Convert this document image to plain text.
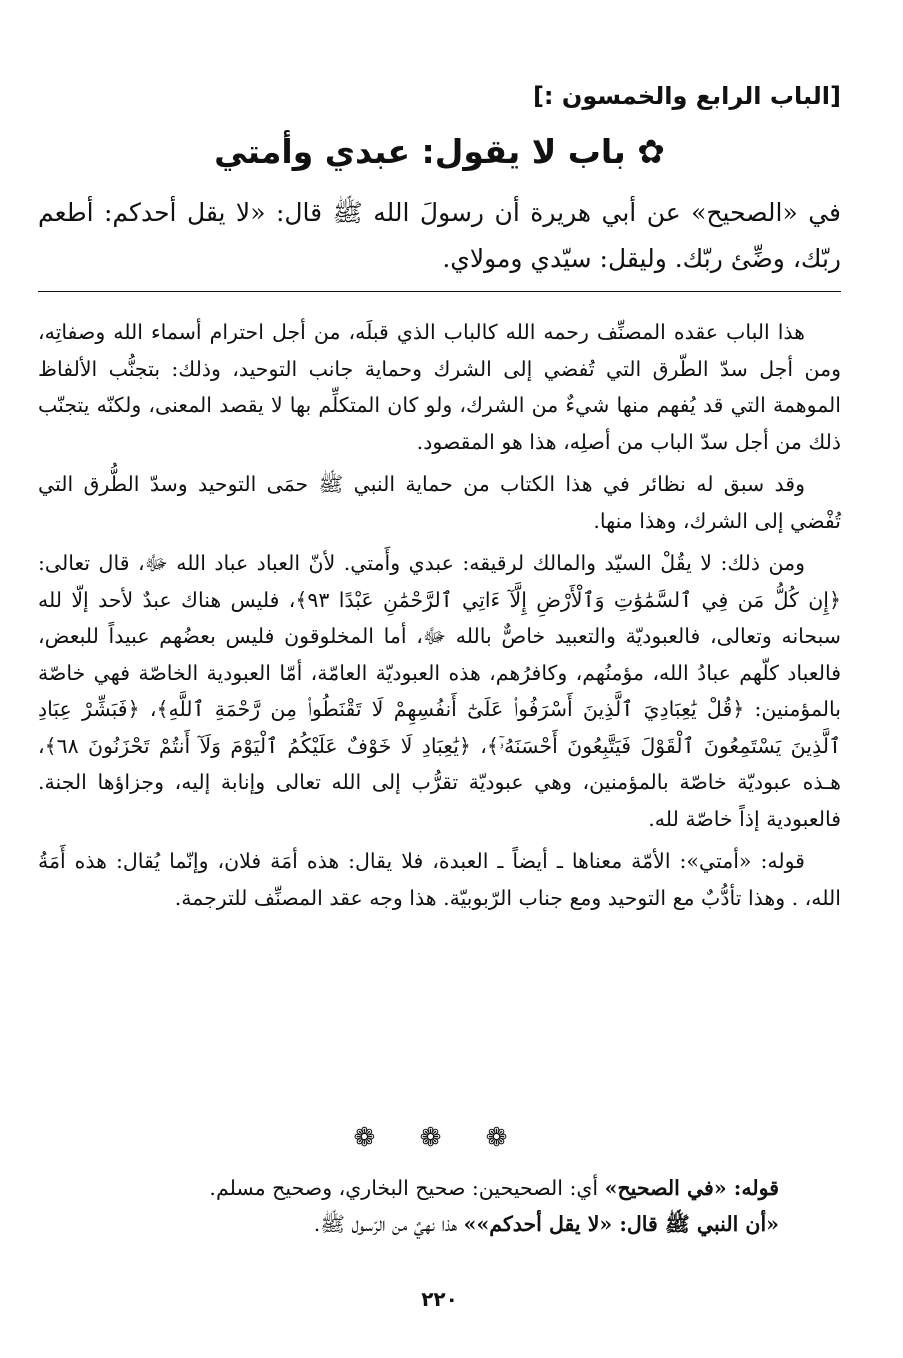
[الباب الرابع والخمسون :]
✿ باب لا يقول: عبدي وأمتي
في «الصحيح» عن أبي هريرة أن رسولَ الله ﷺ قال: «لا يقل أحدكم: أطعم ربّك، وضِّئ ربّك. وليقل: سيّدي ومولاي.

هذا الباب عقده المصنِّف رحمه الله كالباب الذي قبلَه، من أجل احترام أسماء الله وصفاتِه، ومن أجل سدّ الطّرق التي تُفضي إلى الشرك وحماية جانب التوحيد، وذلك: بتجنُّب الألفاظ الموهمة التي قد يُفهم منها شيءٌ من الشرك، ولو كان المتكلِّم بها لا يقصد المعنى، ولكنّه يتجنّب ذلك من أجل سدّ الباب من أصلِه، هذا هو المقصود.

وقد سبق له نظائر في هذا الكتاب من حماية النبي ﷺ حمَى التوحيد وسدّ الطُّرق التي تُفْضي إلى الشرك، وهذا منها.

ومن ذلك: لا يقُلْ السيّد والمالك لرقيقه: عبدي وأَمتي. لأنّ العباد عباد الله ﷻ، قال تعالى: ﴿إِن كُلُّ مَن فِي ٱلسَّمَٰوَٰتِ وَٱلْأَرْضِ إِلَّآ ءَاتِي ٱلرَّحْمَٰنِ عَبْدًا ٩٣﴾، فليس هناك عبدٌ لأحد إلّا لله سبحانه وتعالى، فالعبوديّة والتعبيد خاصٌّ بالله ﷻ، أما المخلوقون فليس بعضُهم عبيداً للبعض، فالعباد كلّهم عبادُ الله، مؤمنُهم، وكافرُهم، هذه العبوديّة العامّة، أمّا العبودية الخاصّة فهي خاصّة بالمؤمنين: ﴿قُلْ يَٰعِبَادِيَ ٱلَّذِينَ أَسْرَفُوا۟ عَلَىٰٓ أَنفُسِهِمْ لَا تَقْنَطُوا۟ مِن رَّحْمَةِ ٱللَّهِ﴾، ﴿فَبَشِّرْ عِبَادِ ٱلَّذِينَ يَسْتَمِعُونَ ٱلْقَوْلَ فَيَتَّبِعُونَ أَحْسَنَهُۥٓ﴾، ﴿يَٰعِبَادِ لَا خَوْفٌ عَلَيْكُمُ ٱلْيَوْمَ وَلَآ أَنتُمْ تَحْزَنُونَ ٦٨﴾، هـذه عبوديّة خاصّة بالمؤمنين، وهي عبوديّة تقرُّب إلى الله تعالى وإنابة إليه، وجزاؤها الجنة. فالعبودية إذاً خاصّة لله.

قوله: «أمتي»: الأمّة معناها ـ أيضاً ـ العبدة، فلا يقال: هذه أمَة فلان، وإنّما يُقال: هذه أَمَةُ الله، . وهذا تأدُّبٌ مع التوحيد ومع جناب الرّبوبيّة. هذا وجه عقد المصنِّف للترجمة.

❁ ❁ ❁

قوله: «في الصحيح» أي: الصحيحين: صحيح البخاري، وصحيح مسلم.

«أن النبي ﷺ قال: «لا يقل أحدكم»» هذا نهيٌ من الرّسول ﷺ.

٢٢٠
